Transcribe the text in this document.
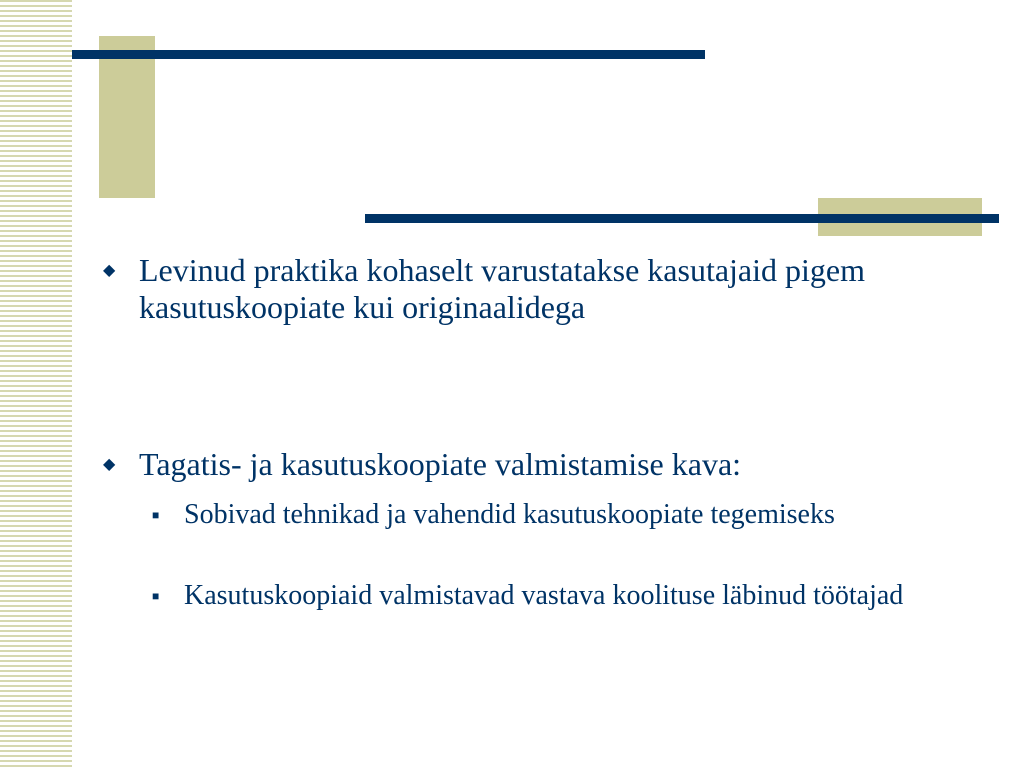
◆ Levinud praktika kohaselt varustatakse kasutajaid pigem kasutuskoopiate kui originaalidega
◆ Tagatis- ja kasutuskoopiate valmistamise kava:
■ Sobivad tehnikad ja vahendid kasutuskoopiate tegemiseks
■ Kasutuskoopiaid valmistavad vastava koolituse läbinud töötajad
